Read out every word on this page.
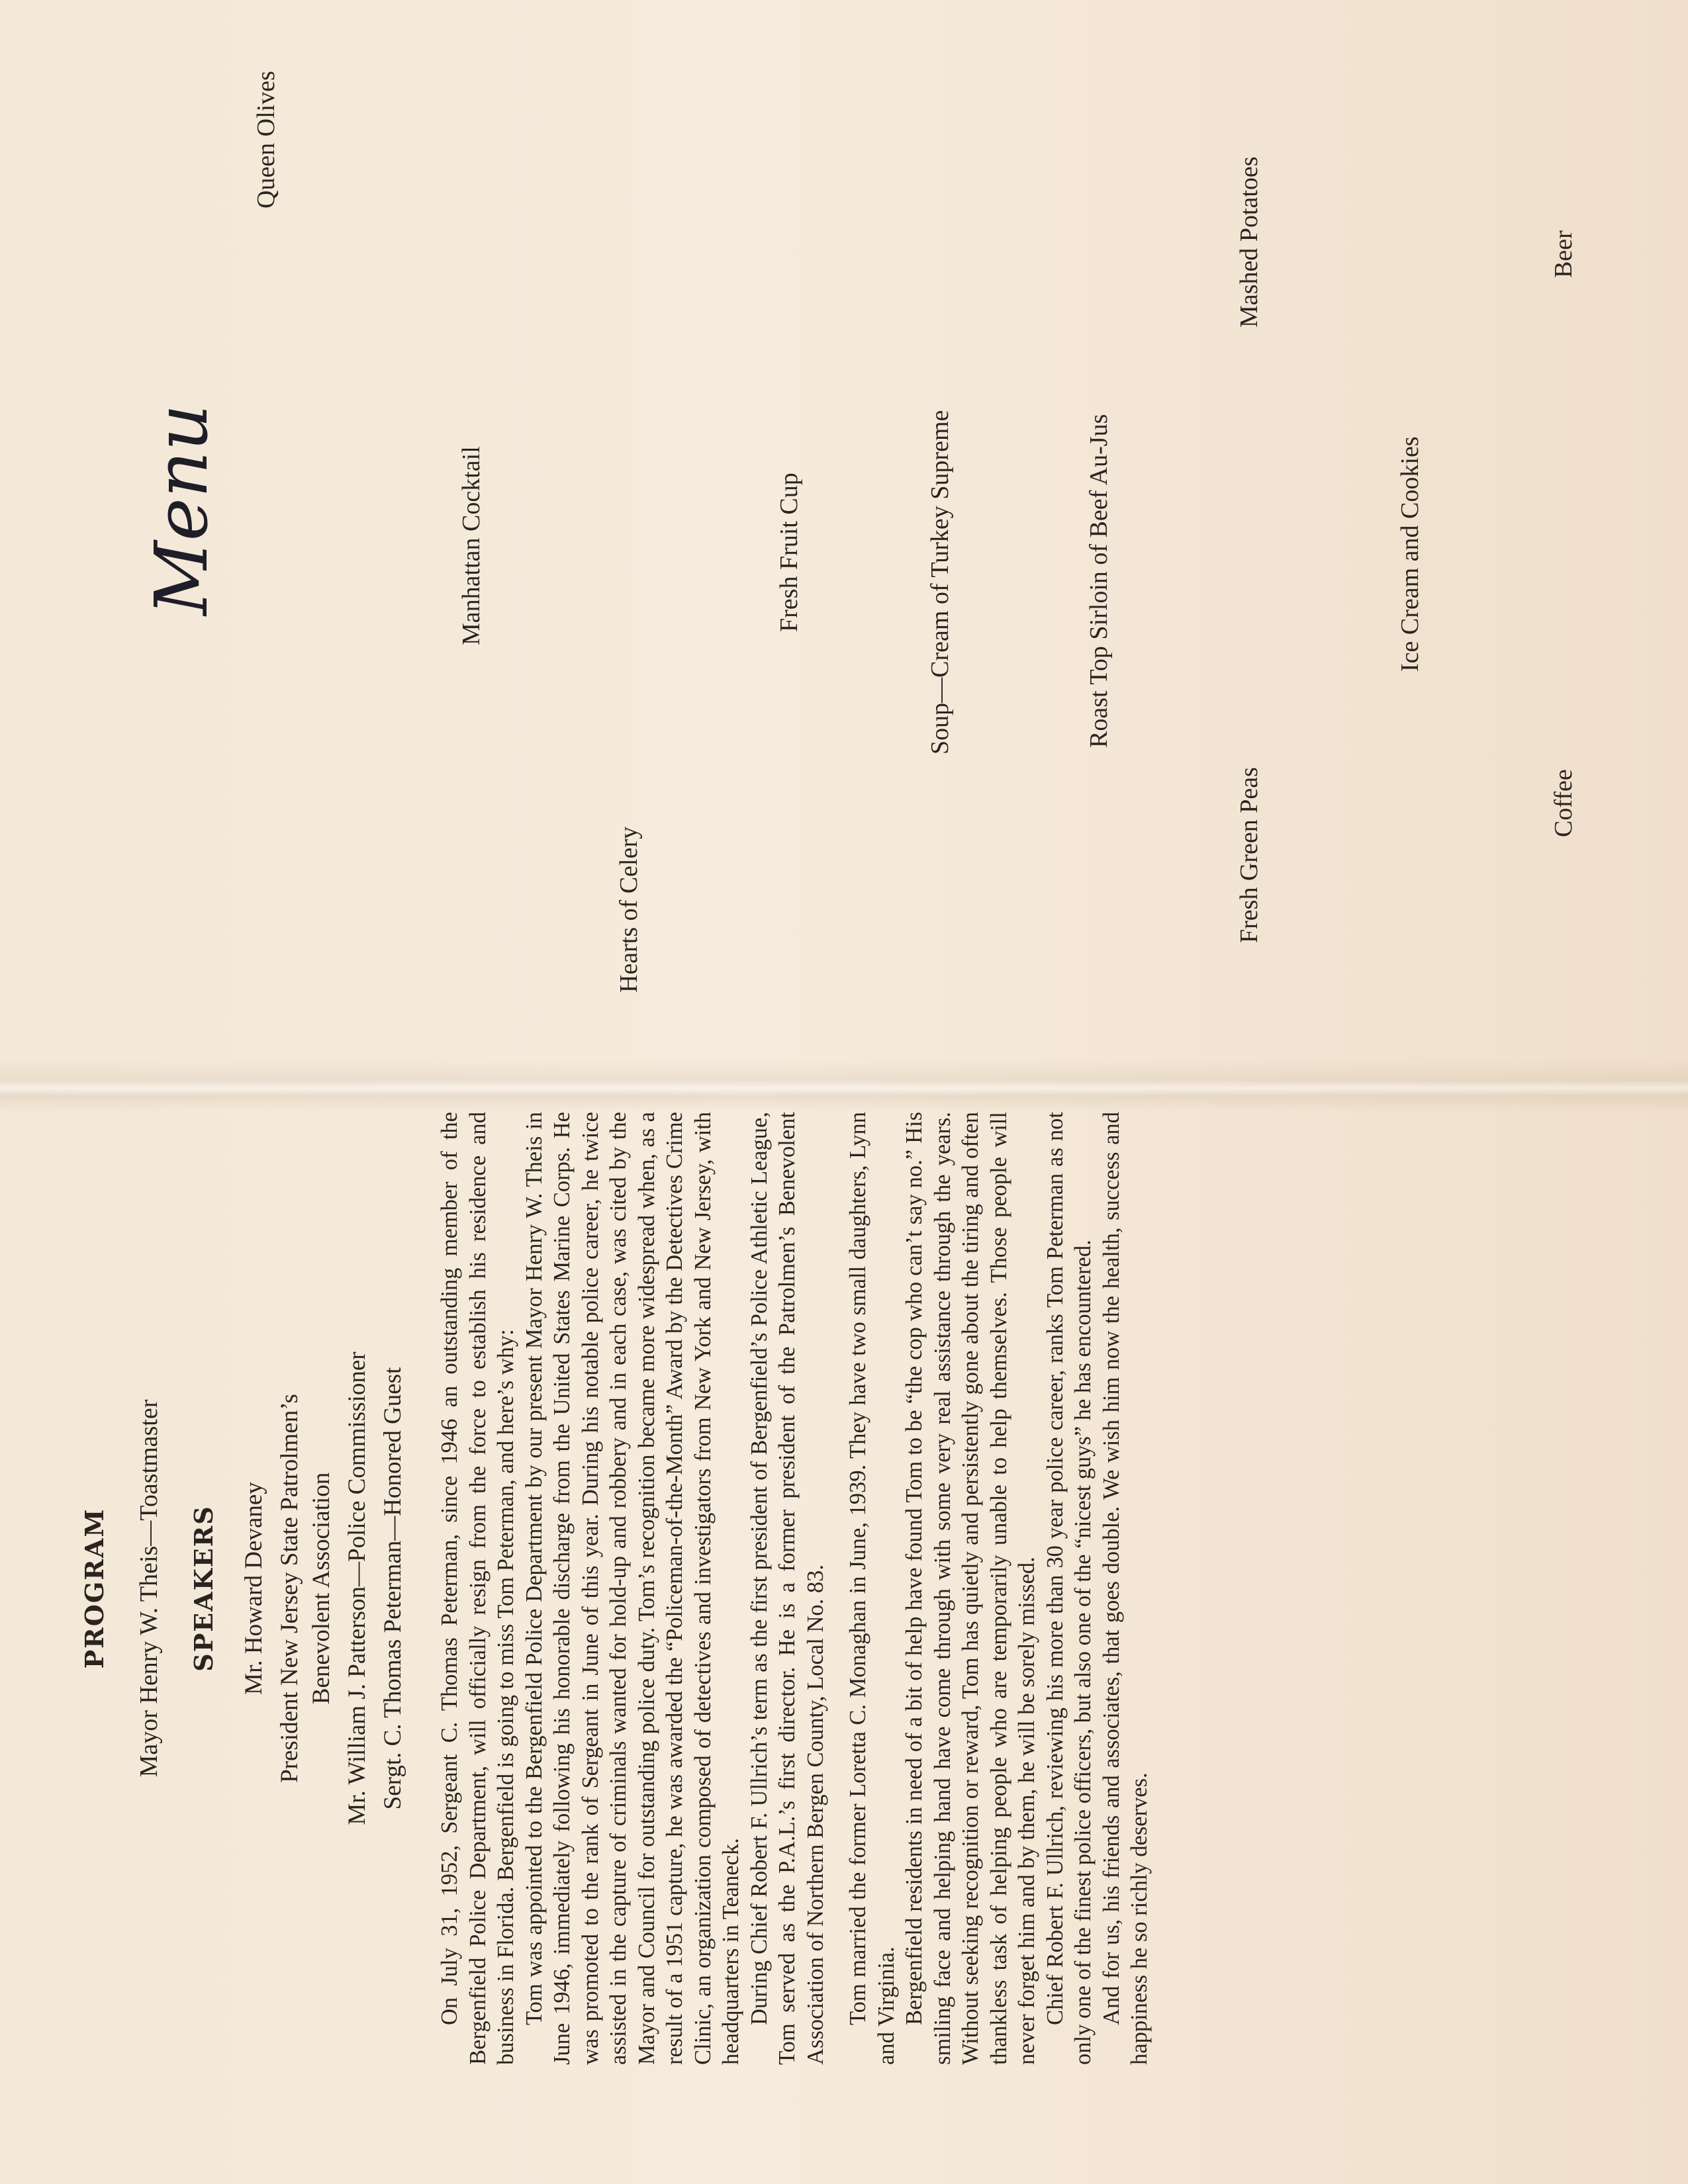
Menu
Queen Olives
Manhattan Cocktail
Hearts of Celery
Fresh Fruit Cup	Soup—Cream of Turkey Supreme	Roast Top Sirloin of Beef Au-Jus
Mashed Potatoes
Fresh Green Peas
Ice Cream and Cookies
Beer
Coffee
PROGRAM Mayor Henry W. Theis—Toastmaster SPEAKERS Mr. Howard Devaney President New Jersey State Patrolmen’s Benevolent Association Mr. William J. Patterson—Police Commissioner Sergt. C. Thomas Peterman—Honored Guest On July 31, 1952, Sergeant C. Thomas Peterman, since 1946 an outstanding member of the Bergenfield Police Department, will officially resign from the force to establish his residence and business in Florida. Bergenfield is going to miss Tom Peterman, and here’s why: Tom was appointed to the Bergenfield Police Department by our present Mayor Henry W. Theis in June 1946, immediately following his honorable discharge from the United States Marine Corps. He was promoted to the rank of Sergeant in June of this year. During his notable police career, he twice assisted in the capture of criminals wanted for hold-up and robbery and in each case, was cited by the Mayor and Council for outstanding police duty. Tom’s recognition became more widespread when, as a result of a 1951 capture, he was awarded the “Policeman-of-the-Month” Award by the Detectives Crime Clinic, an organization composed of detectives and investigators from New York and New Jersey, with headquarters in Teaneck. During Chief Robert F. Ullrich’s term as the first president of Bergenfield’s Police Athletic League, Tom served as the P.A.L.’s first director. He is a former president of the Patrolmen’s Benevolent Association of Northern Bergen County, Local No. 83. Tom married the former Loretta C. Monaghan in June, 1939. They have two small daughters, Lynn and Virginia. Bergenfield residents in need of a bit of help have found Tom to be “the cop who can’t say no.” His smiling face and helping hand have come through with some very real assistance through the years. Without seeking recognition or reward, Tom has quietly and persistently gone about the tiring and often thankless task of helping people who are temporarily unable to help themselves. Those people will never forget him and by them, he will be sorely missed. Chief Robert F. Ullrich, reviewing his more than 30 year police career, ranks Tom Peterman as not only one of the finest police officers, but also one of the “nicest guys” he has encountered. And for us, his friends and associates, that goes double. We wish him now the health, success and happiness he so richly deserves.
